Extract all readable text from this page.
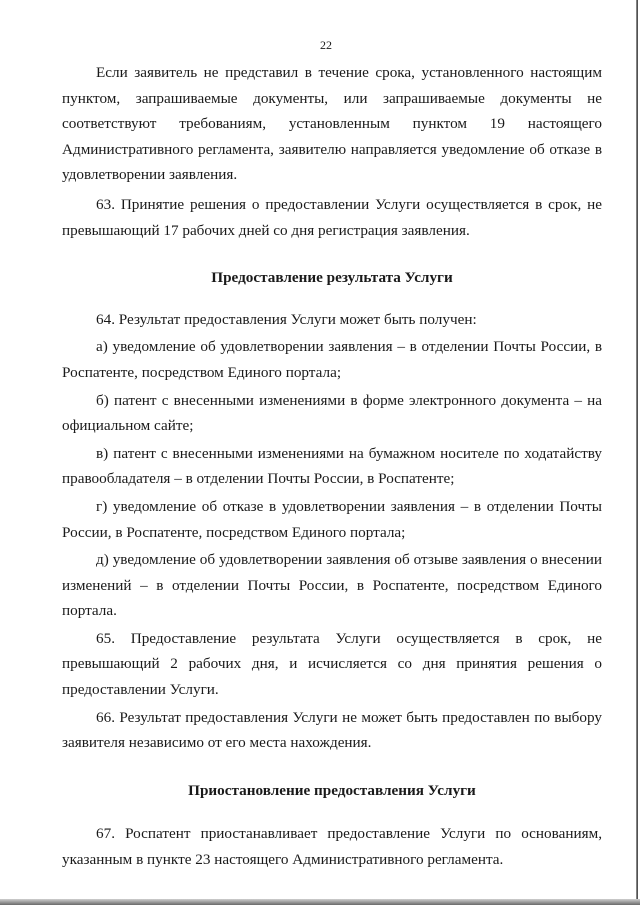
22

Если заявитель не представил в течение срока, установленного настоящим пунктом, запрашиваемые документы, или запрашиваемые документы не соответствуют требованиям, установленным пунктом 19 настоящего Административного регламента, заявителю направляется уведомление об отказе в удовлетворении заявления.

63. Принятие решения о предоставлении Услуги осуществляется в срок, не превышающий 17 рабочих дней со дня регистрация заявления.

Предоставление результата Услуги

64. Результат предоставления Услуги может быть получен:

а) уведомление об удовлетворении заявления – в отделении Почты России, в Роспатенте, посредством Единого портала;

б) патент с внесенными изменениями в форме электронного документа – на официальном сайте;

в) патент с внесенными изменениями на бумажном носителе по ходатайству правообладателя – в отделении Почты России, в Роспатенте;

г) уведомление об отказе в удовлетворении заявления – в отделении Почты России, в Роспатенте, посредством Единого портала;

д) уведомление об удовлетворении заявления об отзыве заявления о внесении изменений – в отделении Почты России, в Роспатенте, посредством Единого портала.

65. Предоставление результата Услуги осуществляется в срок, не превышающий 2 рабочих дня, и исчисляется со дня принятия решения о предоставлении Услуги.

66. Результат предоставления Услуги не может быть предоставлен по выбору заявителя независимо от его места нахождения.

Приостановление предоставления Услуги

67. Роспатент приостанавливает предоставление Услуги по основаниям, указанным в пункте 23 настоящего Административного регламента.
